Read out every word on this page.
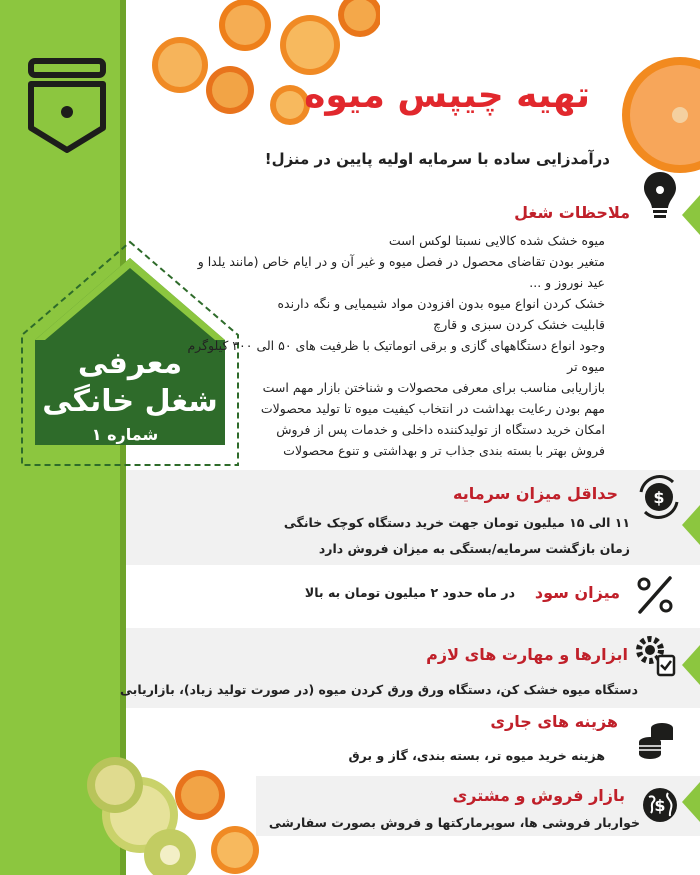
معرفی
شغل خانگی
شماره ۱
تهیه چیپس میوه
درآمدزایی ساده با سرمایه اولیه پایین در منزل!
ملاحظات شغل
میوه خشک شده کالایی نسبتا لوکس است
متغیر بودن تقاضای محصول در فصل میوه و غیر آن و در ایام خاص (مانند یلدا و
عید نوروز و ...
خشک کردن انواع میوه بدون افزودن مواد شیمیایی و نگه دارنده
قابلیت خشک کردن سبزی و قارچ
وجود انواع دستگاههای گازی و برقی اتوماتیک با ظرفیت های ۵۰ الی ۳۰۰ کیلوگرم
میوه تر
بازاریابی مناسب برای معرفی محصولات و شناختن بازار مهم است
مهم بودن رعایت بهداشت در انتخاب کیفیت میوه تا تولید محصولات
امکان خرید دستگاه از تولیدکننده داخلی و خدمات پس از فروش
فروش بهتر با بسته بندی جذاب تر و بهداشتی و تنوع محصولات
$
حداقل میزان سرمایه
۱۱ الی ۱۵ میلیون تومان جهت خرید دستگاه کوچک خانگی
زمان بازگشت سرمایه/بستگی به میزان فروش دارد
میزان سود
در ماه حدود ۲ میلیون تومان به بالا
ابزارها و مهارت های لازم
دستگاه میوه خشک کن، دستگاه ورق ورق کردن میوه (در صورت تولید زیاد)، بازاریابی
هزینه های جاری
هزینه خرید میوه تر، بسته بندی، گاز و برق
$
بازار فروش و مشتری
خواربار فروشی ها، سوپرمارکتها و فروش بصورت سفارشی
